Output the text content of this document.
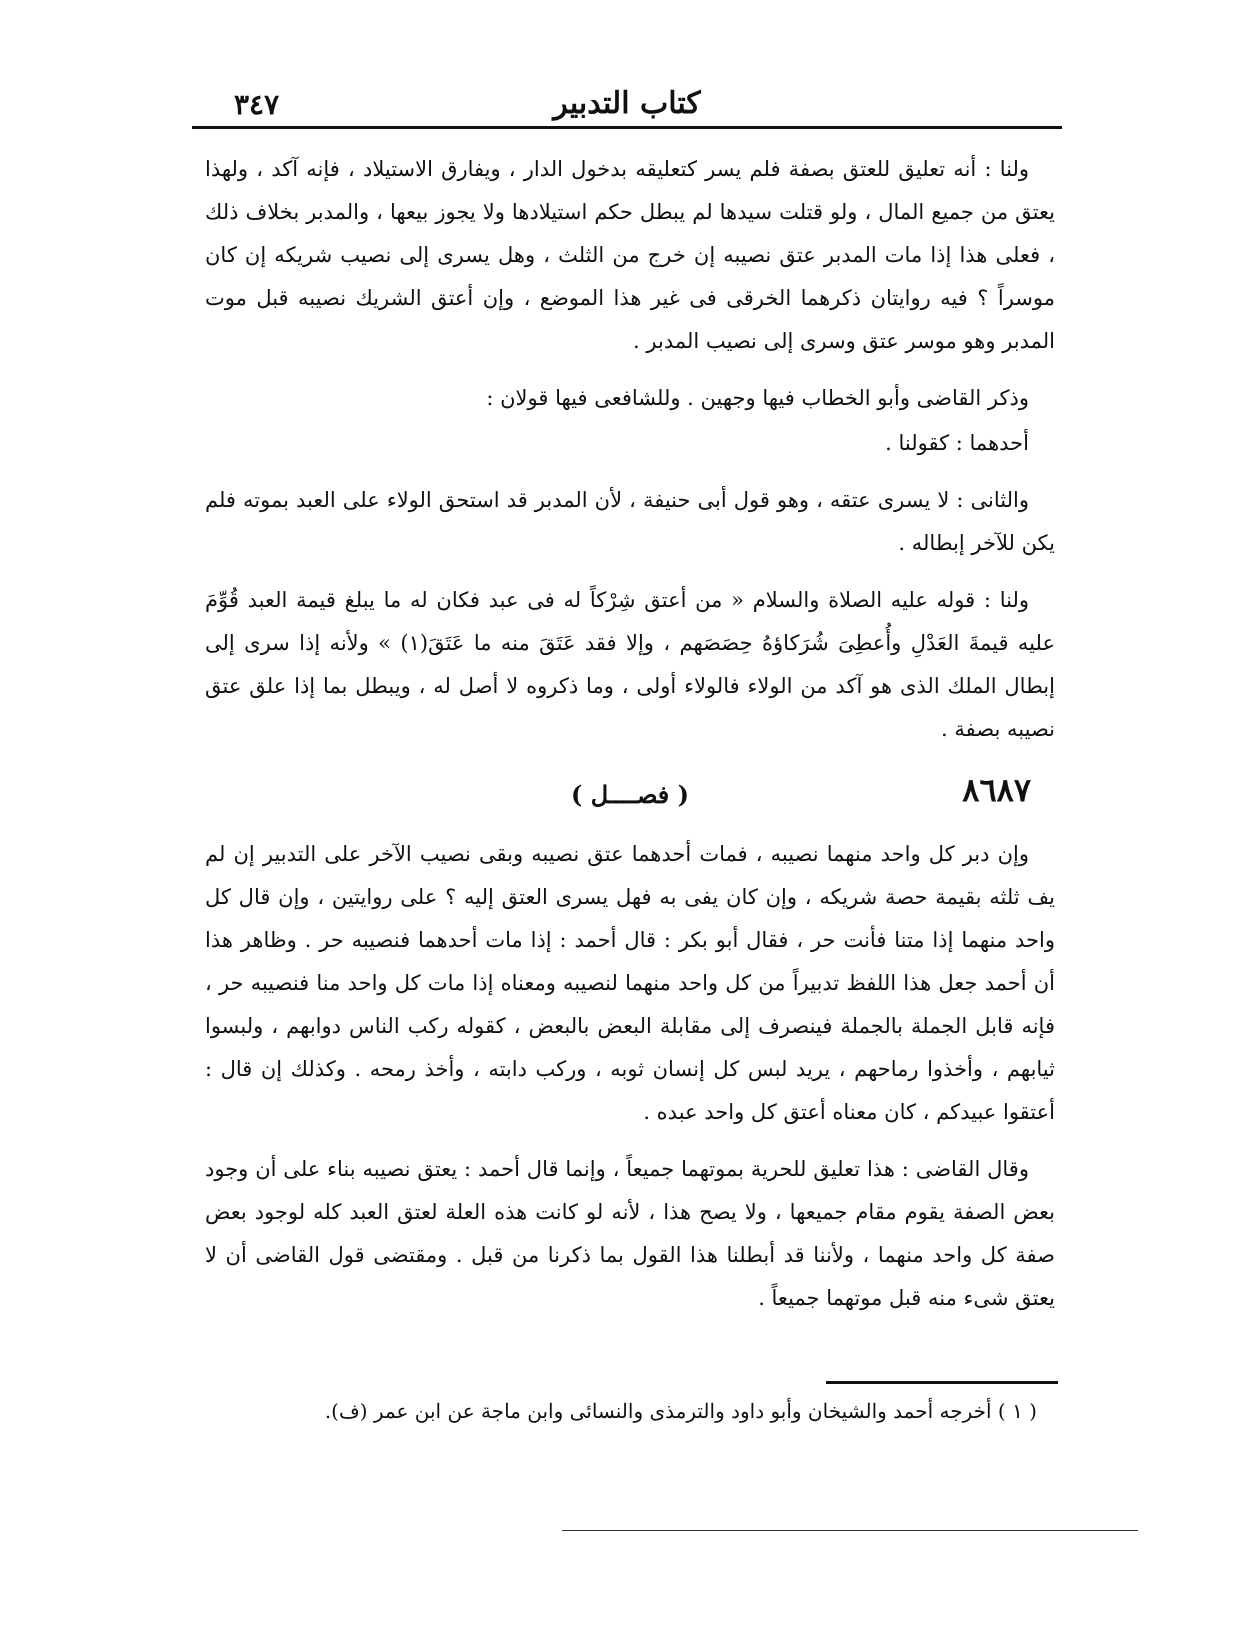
٣٤٧	كتاب التدبير

ولنا : أنه تعليق للعتق بصفة فلم يسر كتعليقه بدخول الدار ، ويفارق الاستيلاد ، فإنه آكد ، ولهذا يعتق من جميع المال ، ولو قتلت سيدها لم يبطل حكم استيلادها ولا يجوز بيعها ، والمدبر بخلاف ذلك ، فعلى هذا إذا مات المدبر عتق نصيبه إن خرج من الثلث ، وهل يسرى إلى نصيب شريكه إن كان موسراً ؟ فيه روايتان ذكرهما الخرقى فى غير هذا الموضع ، وإن أعتق الشريك نصيبه قبل موت المدبر وهو موسر عتق وسرى إلى نصيب المدبر .

وذكر القاضى وأبو الخطاب فيها وجهين . وللشافعى فيها قولان :

أحدهما : كقولنا .

والثانى : لا يسرى عتقه ، وهو قول أبى حنيفة ، لأن المدبر قد استحق الولاء على العبد بموته فلم يكن للآخر إبطاله .

ولنا : قوله عليه الصلاة والسلام « من أعتق شِرْكاً له فى عبد فكان له ما يبلغ قيمة العبد قُوِّمَ عليه قيمةَ العَدْلِ وأُعطِىَ شُرَكاؤهُ حِصَصَهم ، وإلا فقد عَتَقَ منه ما عَتَقَ(١) » ولأنه إذا سرى إلى إبطال الملك الذى هو آكد من الولاء فالولاء أولى ، وما ذكروه لا أصل له ، ويبطل بما إذا علق عتق نصيبه بصفة .

٨٦٨٧
( فصــــل )

وإن دبر كل واحد منهما نصيبه ، فمات أحدهما عتق نصيبه وبقى نصيب الآخر على التدبير إن لم يف ثلثه بقيمة حصة شريكه ، وإن كان يفى به فهل يسرى العتق إليه ؟ على روايتين ، وإن قال كل واحد منهما إذا متنا فأنت حر ، فقال أبو بكر : قال أحمد : إذا مات أحدهما فنصيبه حر . وظاهر هذا أن أحمد جعل هذا اللفظ تدبيراً من كل واحد منهما لنصيبه ومعناه إذا مات كل واحد منا فنصيبه حر ، فإنه قابل الجملة بالجملة فينصرف إلى مقابلة البعض بالبعض ، كقوله ركب الناس دوابهم ، ولبسوا ثيابهم ، وأخذوا رماحهم ، يريد لبس كل إنسان ثوبه ، وركب دابته ، وأخذ رمحه . وكذلك إن قال : أعتقوا عبيدكم ، كان معناه أعتق كل واحد عبده .

وقال القاضى : هذا تعليق للحرية بموتهما جميعاً ، وإنما قال أحمد : يعتق نصيبه بناء على أن وجود بعض الصفة يقوم مقام جميعها ، ولا يصح هذا ، لأنه لو كانت هذه العلة لعتق العبد كله لوجود بعض صفة كل واحد منهما ، ولأننا قد أبطلنا هذا القول بما ذكرنا من قبل . ومقتضى قول القاضى أن لا يعتق شىء منه قبل موتهما جميعاً .

( ١ ) أخرجه أحمد والشيخان وأبو داود والترمذى والنسائى وابن ماجة عن ابن عمر (ف).
